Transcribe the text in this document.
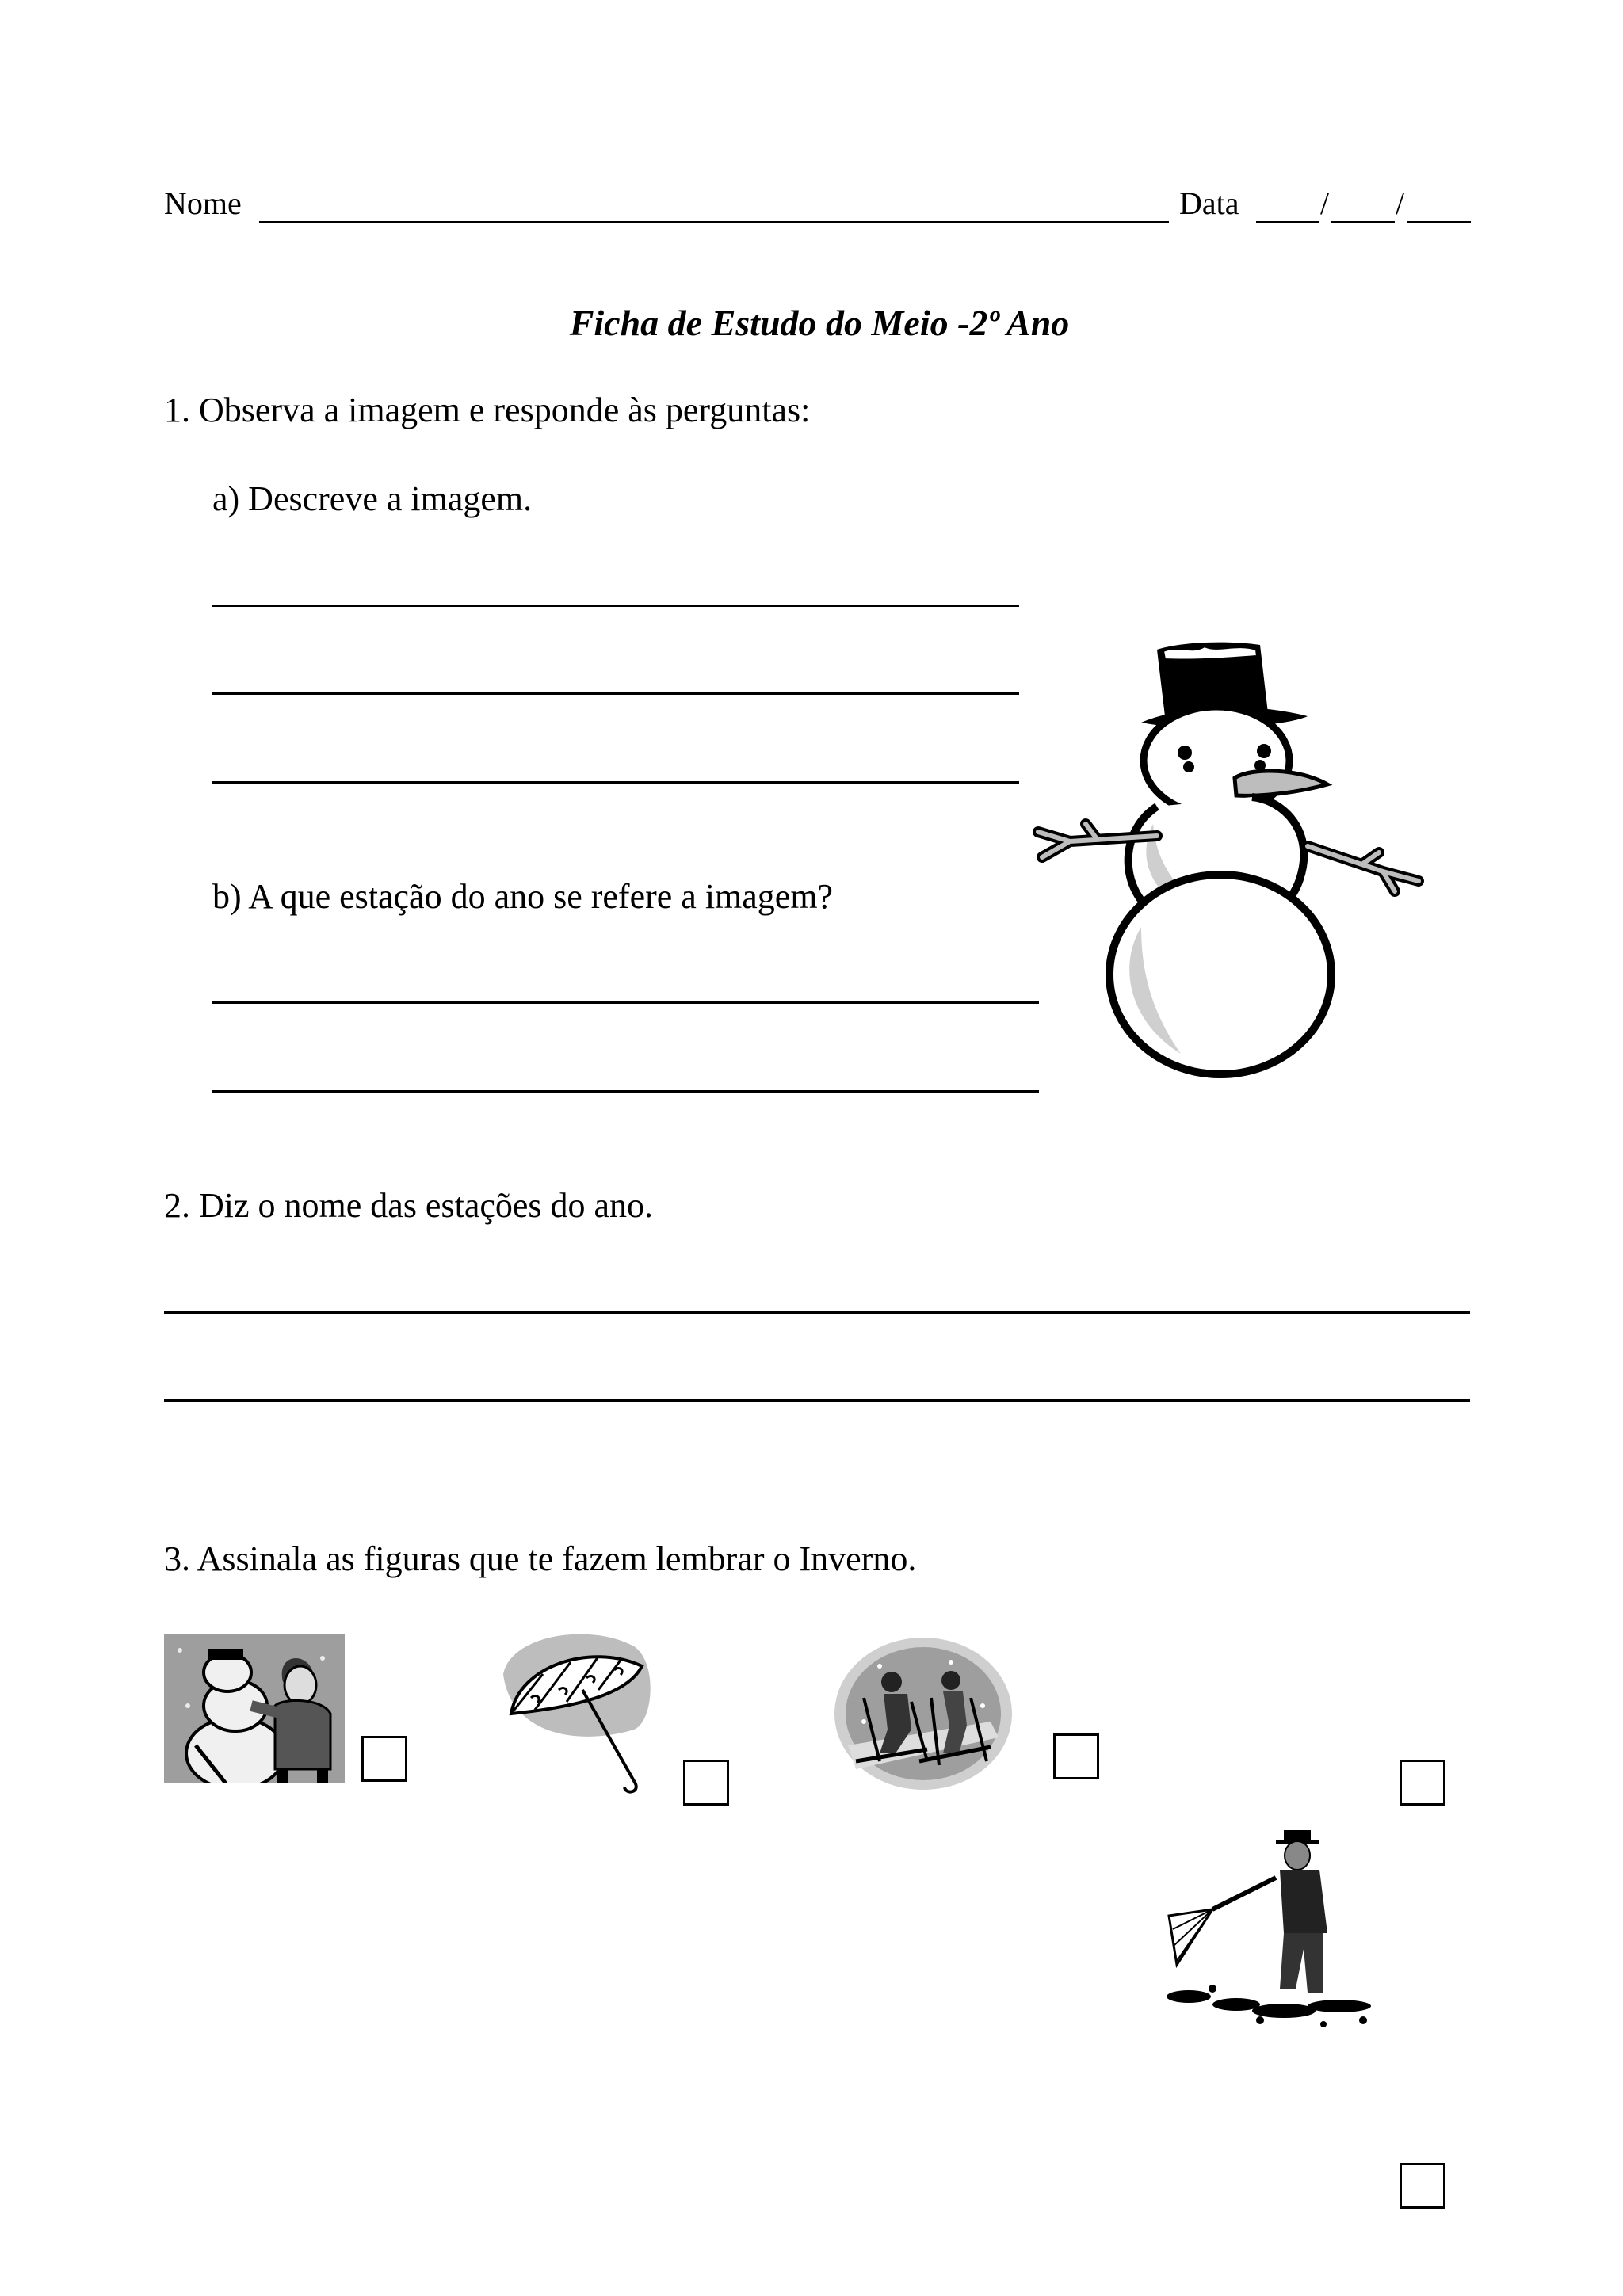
Nome	Data	/ /
Ficha de Estudo do Meio -2º Ano
1. Observa a imagem e responde às perguntas:
a) Descreve a imagem.
b) A que estação do ano se refere a imagem?
2. Diz o nome das estações do ano.
3. Assinala as figuras que te fazem lembrar o Inverno.
